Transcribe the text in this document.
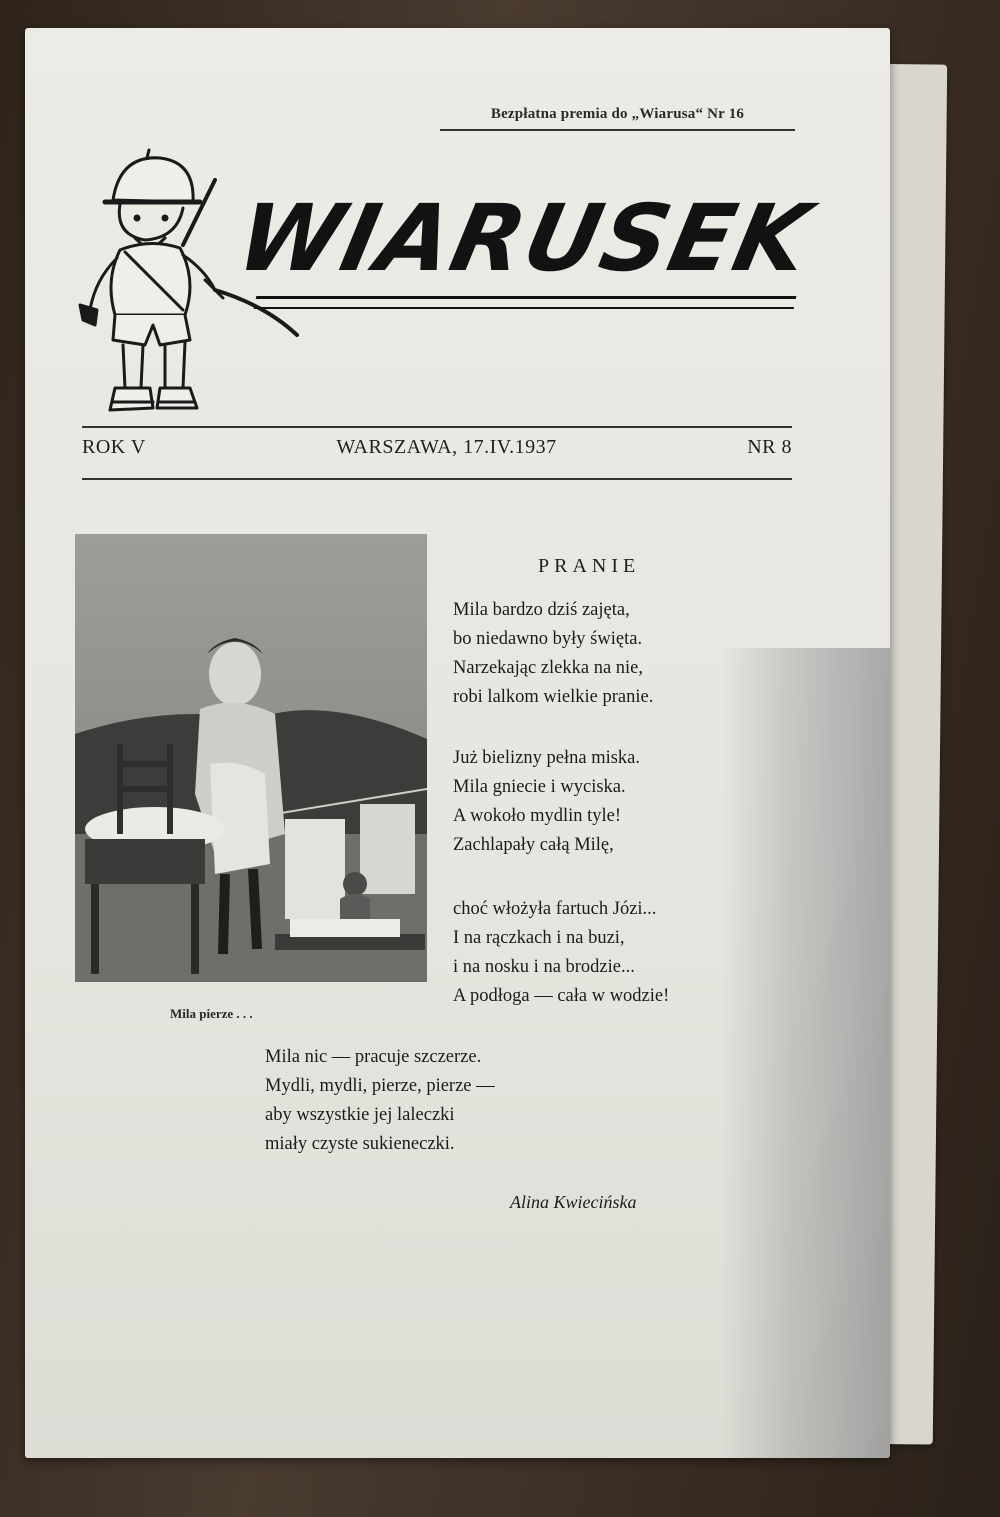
Bezpłatna premia do „Wiarusa“ Nr 16
WIARUSEK
ROK V	WARSZAWA, 17.IV.1937	NR 8
Mila pierze . . .
PRANIE
Mila bardzo dziś zajęta,
bo niedawno były święta.
Narzekając zlekka na nie,
robi lalkom wielkie pranie.
Już bielizny pełna miska.
Mila gniecie i wyciska.
A wokoło mydlin tyle!
Zachlapały całą Milę,
choć włożyła fartuch Józi...
I na rączkach i na buzi,
i na nosku i na brodzie...
A podłoga — cała w wodzie!
Mila nic — pracuje szczerze.
Mydli, mydli, pierze, pierze —
aby wszystkie jej laleczki
miały czyste sukieneczki.
Alina Kwiecińska
